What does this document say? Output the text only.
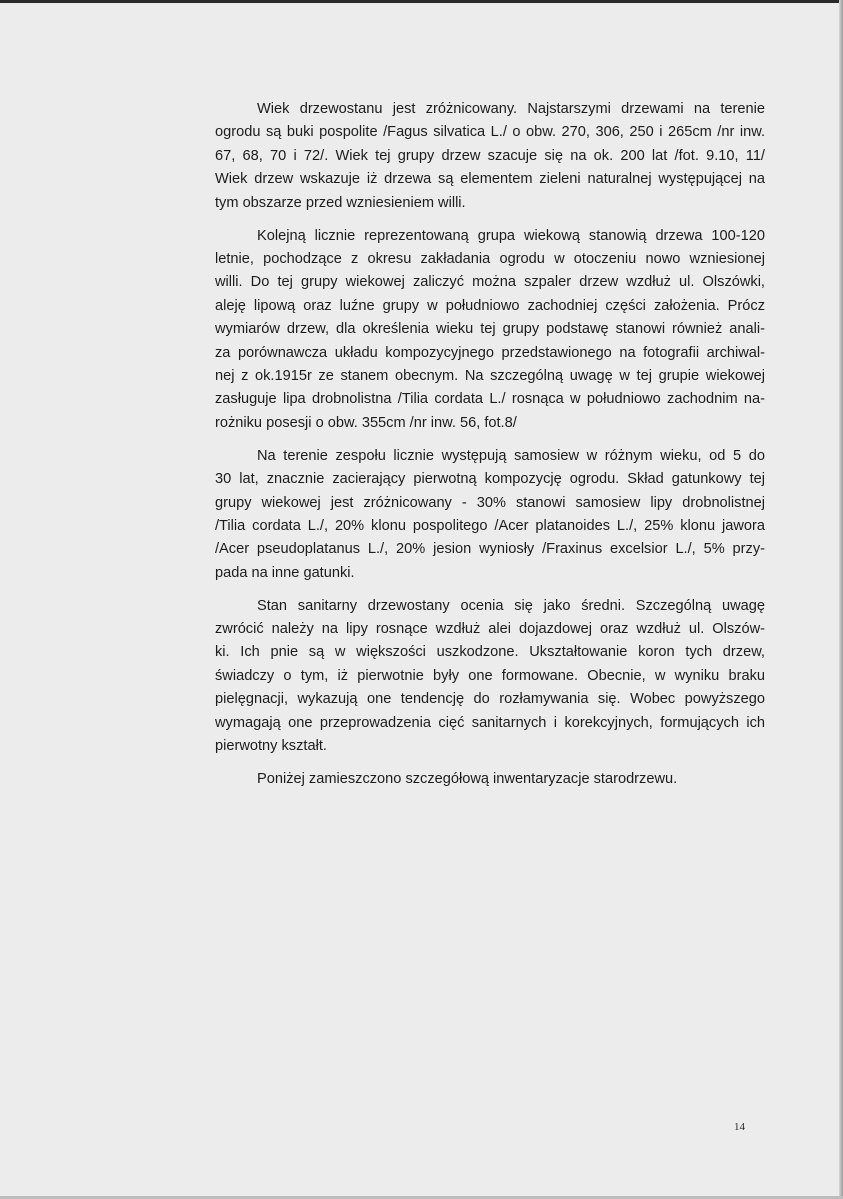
Wiek drzewostanu jest zróżnicowany. Najstarszymi drzewami na terenie
ogrodu są buki pospolite /Fagus silvatica L./ o obw. 270, 306, 250 i 265cm /nr inw.
67, 68, 70 i 72/. Wiek tej grupy drzew szacuje się na ok. 200 lat /fot. 9.10, 11/
Wiek drzew wskazuje iż drzewa są elementem zieleni naturalnej występującej na
tym obszarze przed wzniesieniem willi.
Kolejną licznie reprezentowaną grupa wiekową stanowią drzewa 100-120
letnie, pochodzące z okresu zakładania ogrodu w otoczeniu nowo wzniesionej
willi. Do tej grupy wiekowej zaliczyć można szpaler drzew wzdłuż ul. Olszówki,
aleję lipową oraz luźne grupy w południowo zachodniej części założenia. Prócz
wymiarów drzew, dla określenia wieku tej grupy podstawę stanowi również anali-
za porównawcza układu kompozycyjnego przedstawionego na fotografii archiwal-
nej z ok.1915r ze stanem obecnym. Na szczególną uwagę w tej grupie wiekowej
zasługuje lipa drobnolistna /Tilia cordata L./ rosnąca w południowo zachodnim na-
rożniku posesji o obw. 355cm /nr inw. 56, fot.8/
Na terenie zespołu licznie występują samosiew w różnym wieku, od 5 do
30 lat, znacznie zacierający pierwotną kompozycję ogrodu. Skład gatunkowy tej
grupy wiekowej jest zróżnicowany - 30% stanowi samosiew lipy drobnolistnej
/Tilia cordata L./, 20% klonu pospolitego /Acer platanoides L./, 25% klonu jawora
/Acer pseudoplatanus L./, 20% jesion wyniosły /Fraxinus excelsior L./, 5% przy-
pada na inne gatunki.
Stan sanitarny drzewostany ocenia się jako średni. Szczególną uwagę
zwrócić należy na lipy rosnące wzdłuż alei dojazdowej oraz wzdłuż ul. Olszów-
ki. Ich pnie są w większości uszkodzone. Ukształtowanie koron tych drzew,
świadczy o tym, iż pierwotnie były one formowane. Obecnie, w wyniku braku
pielęgnacji, wykazują one tendencję do rozłamywania się. Wobec powyższego
wymagają one przeprowadzenia cięć sanitarnych i korekcyjnych, formujących ich
pierwotny kształt.
Poniżej zamieszczono szczegółową inwentaryzacje starodrzewu.
14
